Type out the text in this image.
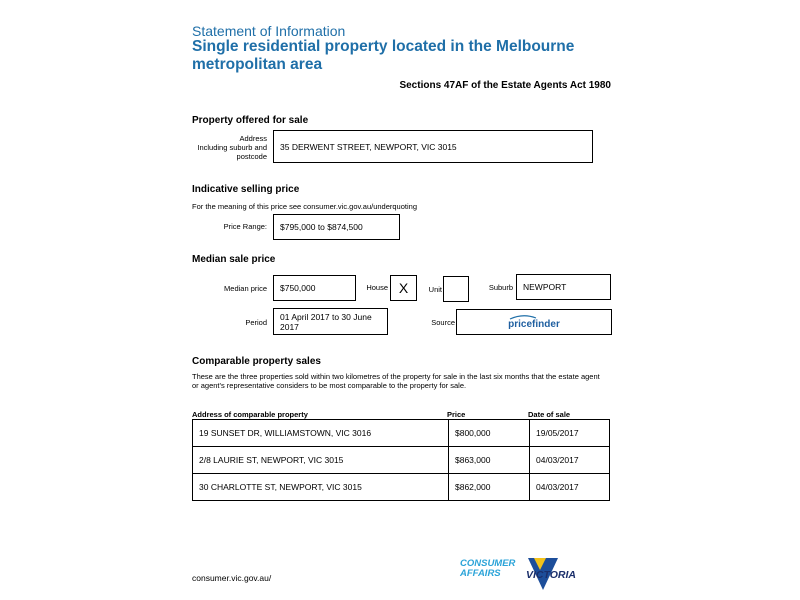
Statement of Information
Single residential property located in the Melbourne metropolitan area
Sections 47AF of the Estate Agents Act 1980
Property offered for sale
Address
Including suburb and
postcode
35 DERWENT STREET, NEWPORT, VIC 3015
Indicative selling price
For the meaning of this price see consumer.vic.gov.au/underquoting
Price Range:	$795,000 to $874,500
Median sale price
Median price	$750,000	House X	Unit	Suburb	NEWPORT
Period
01 April 2017 to 30 June 2017	Source	pricefinder
Comparable property sales
These are the three properties sold within two kilometres of the property for sale in the last six months that the estate agent or agent's representative considers to be most comparable to the property for sale.
Address of comparable property	Price	Date of sale
19 SUNSET DR, WILLIAMSTOWN, VIC 3016	$800,000	19/05/2017
2/8 LAURIE ST, NEWPORT, VIC 3015	$863,000	04/03/2017
30 CHARLOTTE ST, NEWPORT, VIC 3015	$862,000	04/03/2017
consumer.vic.gov.au/
CONSUMER
AFFAIRS	VICTORIA
